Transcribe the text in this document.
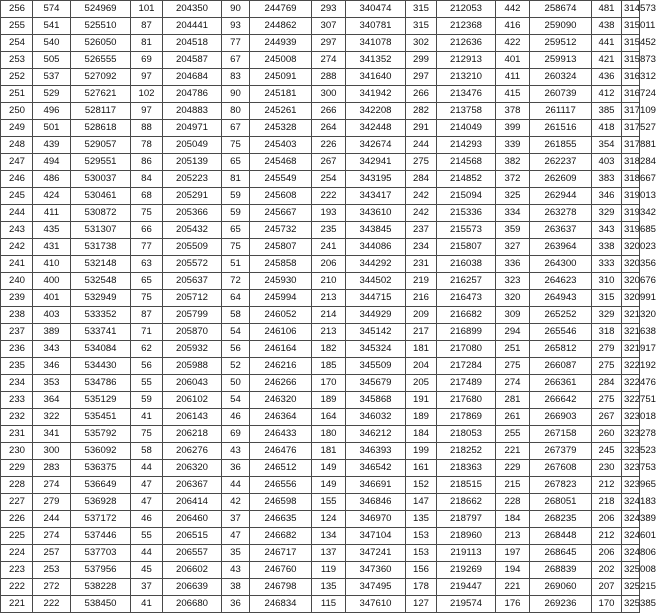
256	574	524969	101	204350	90	244769	293	340474	315	212053	442	258674	481	314573
255	541	525510	87	204441	93	244862	307	340781	315	212368	416	259090	438	315011
254	540	526050	81	204518	77	244939	297	341078	302	212636	422	259512	441	315452
253	505	526555	69	204587	67	245008	274	341352	299	212913	401	259913	421	315873
252	537	527092	97	204684	83	245091	288	341640	297	213210	411	260324	436	316312
251	529	527621	102	204786	90	245181	300	341942	266	213476	415	260739	412	316724
250	496	528117	97	204883	80	245261	266	342208	282	213758	378	261117	385	317109
249	501	528618	88	204971	67	245328	264	342448	291	214049	399	261516	418	317527
248	439	529057	78	205049	75	245403	226	342674	244	214293	339	261855	354	317881
247	494	529551	86	205139	65	245468	267	342941	275	214568	382	262237	403	318284
246	486	530037	84	205223	81	245549	254	343195	284	214852	372	262609	383	318667
245	424	530461	68	205291	59	245608	222	343417	242	215094	325	262944	346	319013
244	411	530872	75	205366	59	245667	193	343610	242	215336	334	263278	329	319342
243	435	531307	66	205432	65	245732	235	343845	237	215573	359	263637	343	319685
242	431	531738	77	205509	75	245807	241	344086	234	215807	327	263964	338	320023
241	410	532148	63	205572	51	245858	206	344292	231	216038	336	264300	333	320356
240	400	532548	65	205637	72	245930	210	344502	219	216257	323	264623	310	320676
239	401	532949	75	205712	64	245994	213	344715	216	216473	320	264943	315	320991
238	403	533352	87	205799	58	246052	214	344929	209	216682	309	265252	329	321320
237	389	533741	71	205870	54	246106	213	345142	217	216899	294	265546	318	321638
236	343	534084	62	205932	56	246164	182	345324	181	217080	251	265812	279	321917
235	346	534430	56	205988	52	246216	185	345509	204	217284	275	266087	275	322192
234	353	534786	55	206043	50	246266	170	345679	205	217489	274	266361	284	322476
233	364	535129	59	206102	54	246320	189	345868	191	217680	281	266642	275	322751
232	322	535451	41	206143	46	246364	164	346032	189	217869	261	266903	267	323018
231	341	535792	75	206218	69	246433	180	346212	184	218053	255	267158	260	323278
230	300	536092	58	206276	43	246476	181	346393	199	218252	221	267379	245	323523
229	283	536375	44	206320	36	246512	149	346542	161	218363	229	267608	230	323753
228	274	536649	47	206367	44	246556	149	346691	152	218515	215	267823	212	323965
227	279	536928	47	206414	42	246598	155	346846	147	218662	228	268051	218	324183
226	244	537172	46	206460	37	246635	124	346970	135	218797	184	268235	206	324389
225	274	537446	55	206515	47	246682	134	347104	153	218960	213	268448	212	324601
224	257	537703	44	206557	35	246717	137	347241	153	219113	197	268645	206	324806
223	253	537956	45	206602	43	246760	119	347360	156	219269	194	268839	202	325008
222	272	538228	37	206639	38	246798	135	347495	178	219447	221	269060	207	325215
221	222	538450	41	206680	36	246834	115	347610	127	219574	176	269236	170	325385
